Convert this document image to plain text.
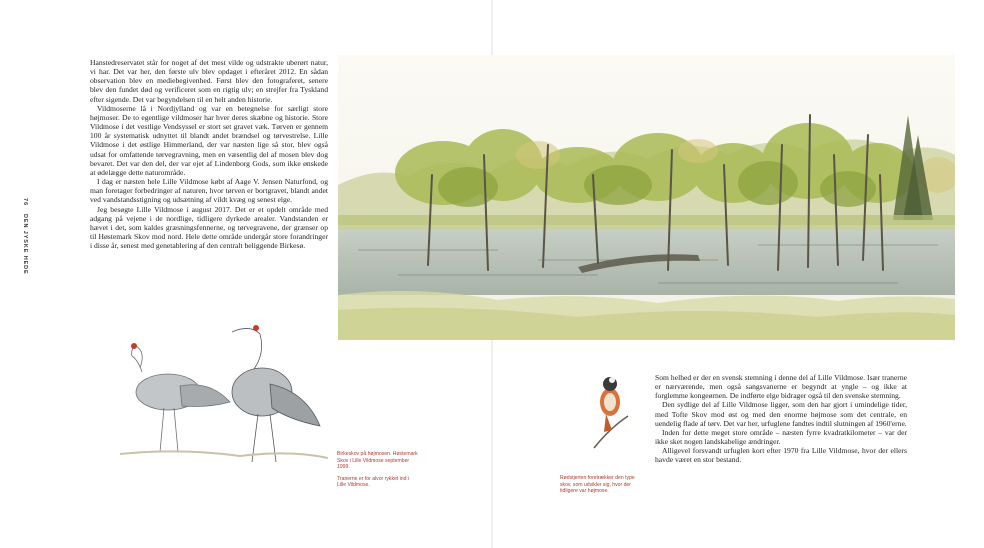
76
DEN JYSKE HEDE

Hanstedreservatet står for noget af det mest vilde og udstrakte uberørt natur, vi har. Det var her, den første ulv blev opdaget i efteråret 2012. En sådan observation blev en mediebegivenhed. Først blev den fotograferet, senere blev den fundet død og verificeret som en rigtig ulv; en strejfer fra Tyskland efter sigende. Det var begyndelsen til en helt anden historie.

Vildmoserne lå i Nordjylland og var en betegnelse for særligt store højmoser. De to egentlige vildmoser har hver deres skæbne og historie. Store Vildmose i det vestlige Vendsyssel er stort set gravet væk. Tørven er gennem 100 år systematisk udnyttet til blandt andet brændsel og tørvestrelse. Lille Vildmose i det østlige Himmerland, der var næsten lige så stor, blev også udsat for omfattende tørvegravning, men en væsentlig del af mosen blev dog bevaret. Det var den del, der var ejet af Lindenborg Gods, som ikke ønskede at ødelægge dette naturområde.

I dag er næsten hele Lille Vildmose købt af Aage V. Jensen Naturfond, og man foretager forbedringer af naturen, hvor tørven er bortgravet, blandt andet ved vandstandsstigning og udsætning af vildt kvæg og senest elge.

Jeg besøgte Lille Vildmose i august 2017. Det er et opdelt område med adgang på vejene i de nordlige, tidligere dyrkede arealer. Vandstanden er hævet i det, som kaldes græsningsfennerne, og tørvegravene, der grænser op til Høstemark Skov mod nord. Hele dette område undergår store forandringer i disse år, senest med genetablering af den centralt beliggende Birkesø.

Birkeskov på højmosen. Høstemark Skov i Lille Vildmose september 1999.

Tranerne er for alvor rykket ind i Lille Vildmose.

Rødstjerten foretrækker den type skov, som udvikler sig, hvor der tidligere var højmose.

Som helhed er der en svensk stemning i denne del af Lille Vildmose. Især tranerne er nærværende, men også sangsvanerne er begyndt at yngle – og ikke at forglemme kongeørnen. De indførte elge bidrager også til den svenske stemning.

Den sydlige del af Lille Vildmose ligger, som den har gjort i umindelige tider, med Tofte Skov mod øst og med den enorme højmose som det centrale, en uendelig flade af tørv. Det var her, urfuglene fandtes indtil slutningen af 1960'erne.

Inden for dette meget store område – næsten fyrre kvadratkilometer – var der ikke sket nogen landskabelige ændringer.

Alligevel forsvandt urfuglen kort efter 1970 fra Lille Vildmose, hvor der ellers havde været en stor bestand.
